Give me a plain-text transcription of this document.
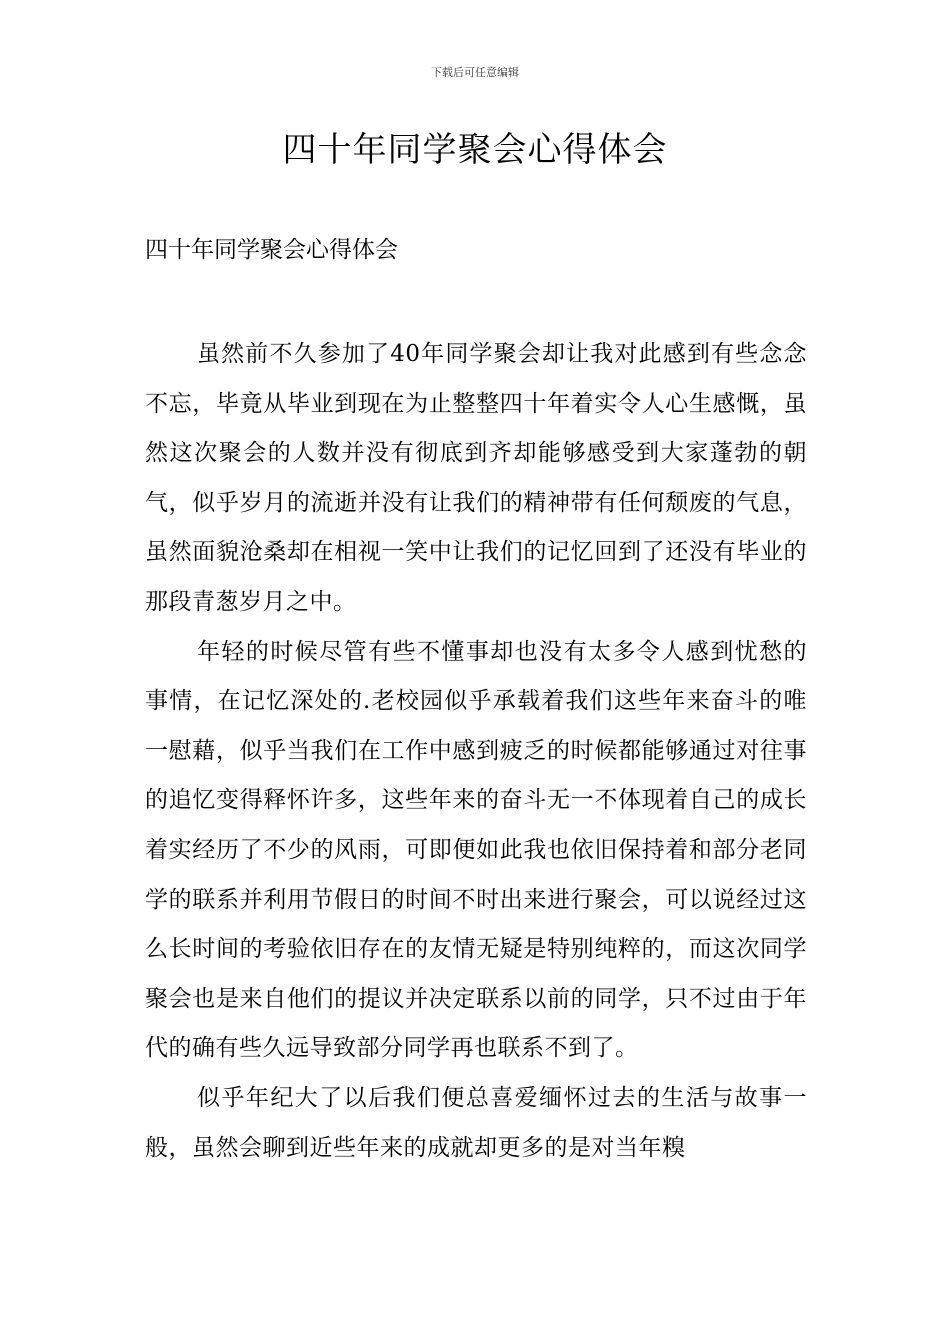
下载后可任意编辑
四十年同学聚会心得体会
四十年同学聚会心得体会

虽然前不久参加了40年同学聚会却让我对此感到有些念念不忘，毕竟从毕业到现在为止整整四十年着实令人心生感慨，虽然这次聚会的人数并没有彻底到齐却能够感受到大家蓬勃的朝气，似乎岁月的流逝并没有让我们的精神带有任何颓废的气息，虽然面貌沧桑却在相视一笑中让我们的记忆回到了还没有毕业的那段青葱岁月之中。

年轻的时候尽管有些不懂事却也没有太多令人感到忧愁的事情，在记忆深处的.老校园似乎承载着我们这些年来奋斗的唯一慰藉，似乎当我们在工作中感到疲乏的时候都能够通过对往事的追忆变得释怀许多，这些年来的奋斗无一不体现着自己的成长着实经历了不少的风雨，可即便如此我也依旧保持着和部分老同学的联系并利用节假日的时间不时出来进行聚会，可以说经过这么长时间的考验依旧存在的友情无疑是特别纯粹的，而这次同学聚会也是来自他们的提议并决定联系以前的同学，只不过由于年代的确有些久远导致部分同学再也联系不到了。

似乎年纪大了以后我们便总喜爱缅怀过去的生活与故事一般，虽然会聊到近些年来的成就却更多的是对当年糗
